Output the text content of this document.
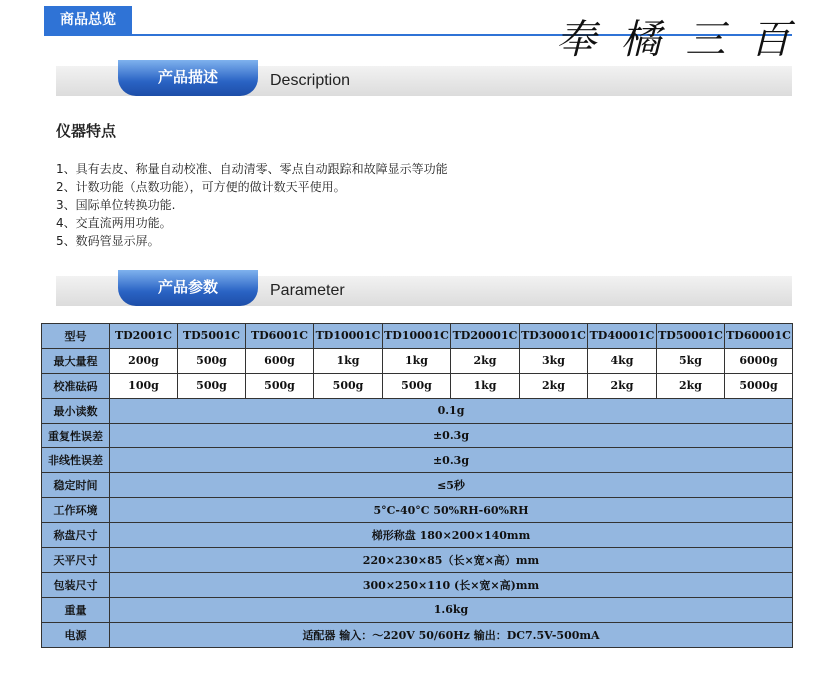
商品总览	奉 橘 三 百
产品描述	Description
仪器特点
1、具有去皮、称量自动校准、自动清零、零点自动跟踪和故障显示等功能
2、计数功能（点数功能），可方便的做计数天平使用。
3、国际单位转换功能.
4、交直流两用功能。
5、数码管显示屏。
产品参数	Parameter
型号	TD2001C	TD5001C	TD6001C	TD10001C	TD10001C	TD20001C	TD30001C	TD40001C	TD50001C	TD60001C
最大量程	200g	500g	600g	1kg	1kg	2kg	3kg	4kg	5kg	6000g
校准砝码	100g	500g	500g	500g	500g	1kg	2kg	2kg	2kg	5000g
最小读数	0.1g									
重复性误差	±0.3g									
非线性误差	±0.3g									
稳定时间	≤5秒									
工作环境	5°C-40°C 50%RH-60%RH									
称盘尺寸	梯形称盘 180×200×140mm									
天平尺寸	220×230×85（长×宽×高）mm									
包装尺寸	300×250×110 (长×宽×高)mm									
重量	1.6kg									
电源	适配器 输入：～220V 50/60Hz 输出：DC7.5V-500mA									
